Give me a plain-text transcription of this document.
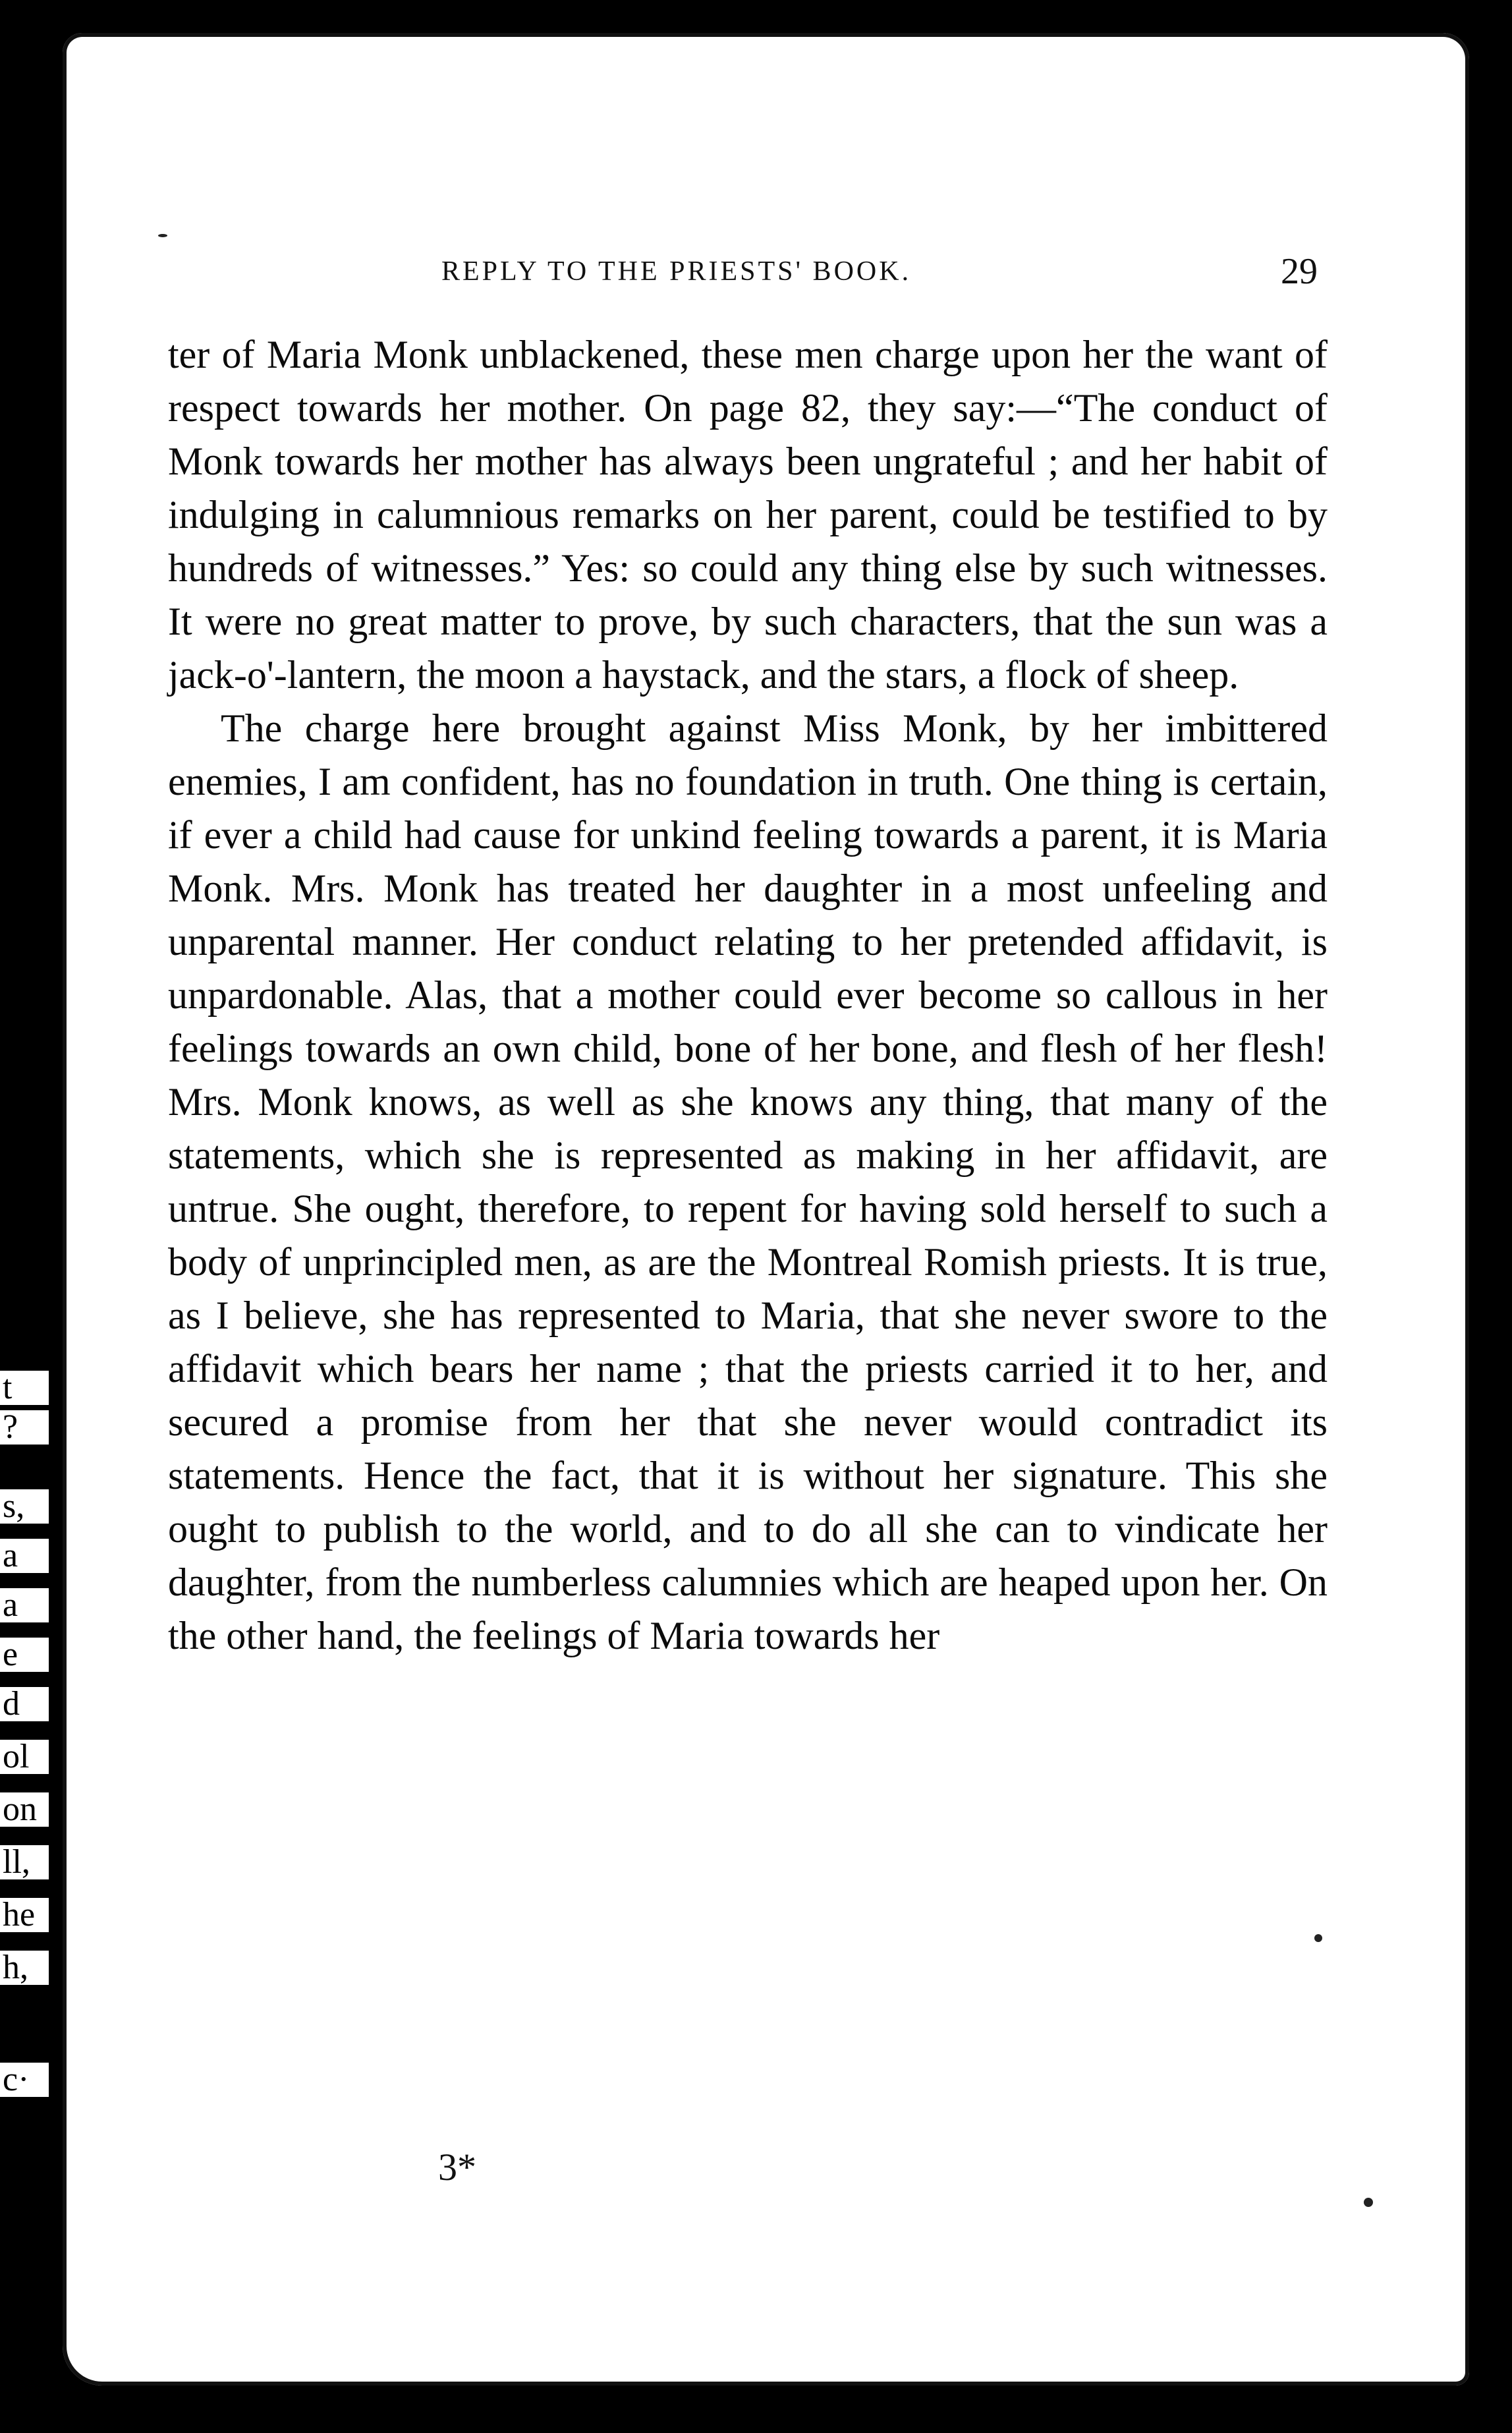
t
?
s,
a
a
e
d
ol
on
ll,
he
h,
c·
REPLY TO THE PRIESTS' BOOK.	29

ter of Maria Monk unblackened, these men charge upon her the want of respect towards her mother. On page 82, they say:—“The conduct of Monk towards her mother has always been ungrateful ; and her habit of indulging in calumnious remarks on her parent, could be testified to by hundreds of witnesses.” Yes: so could any thing else by such witnesses. It were no great matter to prove, by such characters, that the sun was a jack-o'-lantern, the moon a haystack, and the stars, a flock of sheep.

The charge here brought against Miss Monk, by her imbittered enemies, I am confident, has no foundation in truth. One thing is certain, if ever a child had cause for unkind feeling towards a parent, it is Maria Monk. Mrs. Monk has treated her daughter in a most unfeeling and unparental manner. Her conduct relating to her pretended affidavit, is unpardonable. Alas, that a mother could ever become so callous in her feelings towards an own child, bone of her bone, and flesh of her flesh! Mrs. Monk knows, as well as she knows any thing, that many of the statements, which she is represented as making in her affidavit, are untrue. She ought, therefore, to repent for having sold herself to such a body of unprincipled men, as are the Montreal Romish priests. It is true, as I believe, she has represented to Maria, that she never swore to the affidavit which bears her name ; that the priests carried it to her, and secured a promise from her that she never would contradict its statements. Hence the fact, that it is without her signature. This she ought to publish to the world, and to do all she can to vindicate her daughter, from the numberless calumnies which are heaped upon her. On the other hand, the feelings of Maria towards her

3*
